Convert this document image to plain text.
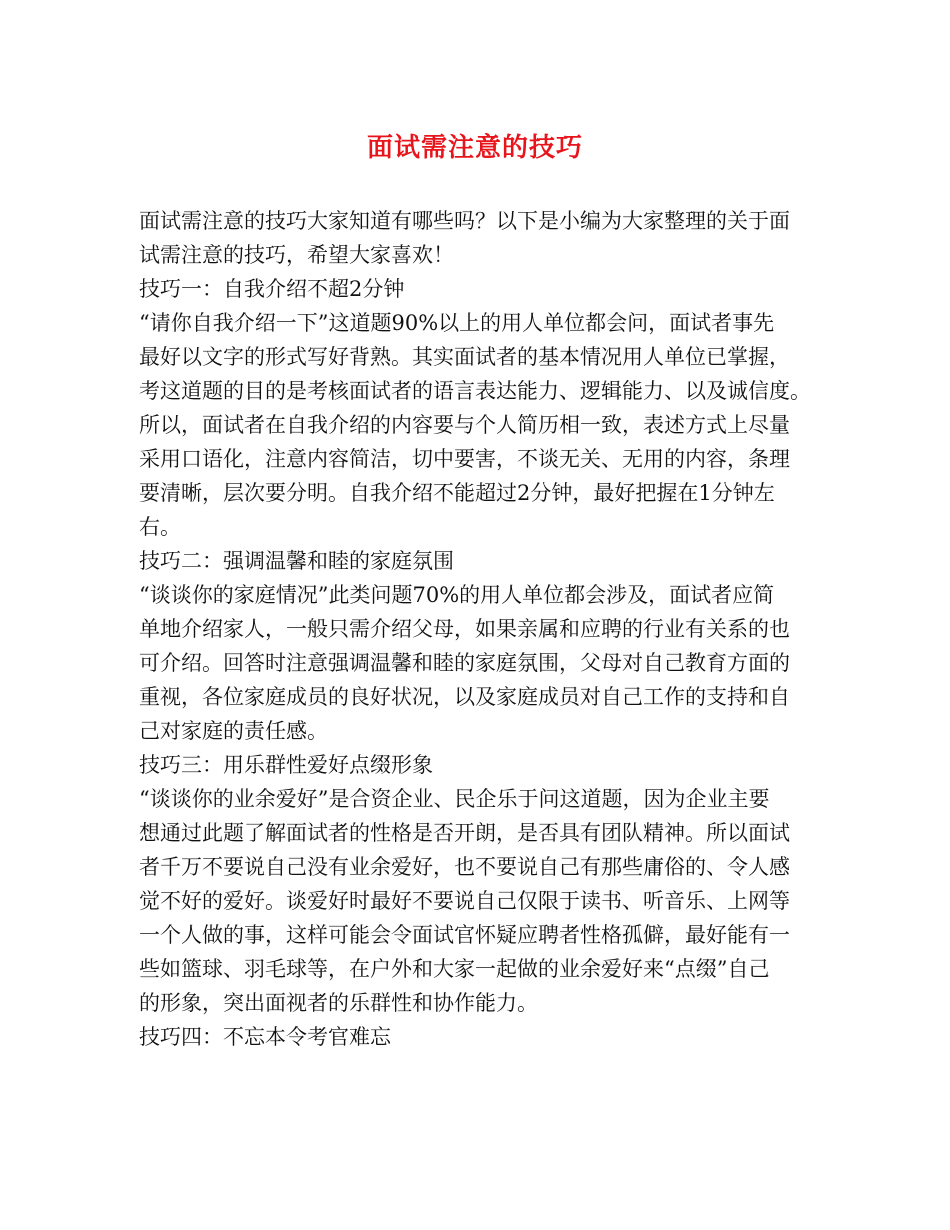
面试需注意的技巧
面试需注意的技巧大家知道有哪些吗？以下是小编为大家整理的关于面
试需注意的技巧，希望大家喜欢！
技巧一：自我介绍不超2分钟
“请你自我介绍一下”这道题90%以上的用人单位都会问，面试者事先
最好以文字的形式写好背熟。其实面试者的基本情况用人单位已掌握，
考这道题的目的是考核面试者的语言表达能力、逻辑能力、以及诚信度。
所以，面试者在自我介绍的内容要与个人简历相一致，表述方式上尽量
采用口语化，注意内容简洁，切中要害，不谈无关、无用的内容，条理
要清晰，层次要分明。自我介绍不能超过2分钟，最好把握在1分钟左
右。
技巧二：强调温馨和睦的家庭氛围
“谈谈你的家庭情况”此类问题70%的用人单位都会涉及，面试者应简
单地介绍家人，一般只需介绍父母，如果亲属和应聘的行业有关系的也
可介绍。回答时注意强调温馨和睦的家庭氛围，父母对自己教育方面的
重视，各位家庭成员的良好状况，以及家庭成员对自己工作的支持和自
己对家庭的责任感。
技巧三：用乐群性爱好点缀形象
“谈谈你的业余爱好”是合资企业、民企乐于问这道题，因为企业主要
想通过此题了解面试者的性格是否开朗，是否具有团队精神。所以面试
者千万不要说自己没有业余爱好，也不要说自己有那些庸俗的、令人感
觉不好的爱好。谈爱好时最好不要说自己仅限于读书、听音乐、上网等
一个人做的事，这样可能会令面试官怀疑应聘者性格孤僻，最好能有一
些如篮球、羽毛球等，在户外和大家一起做的业余爱好来“点缀”自己
的形象，突出面视者的乐群性和协作能力。
技巧四：不忘本令考官难忘
